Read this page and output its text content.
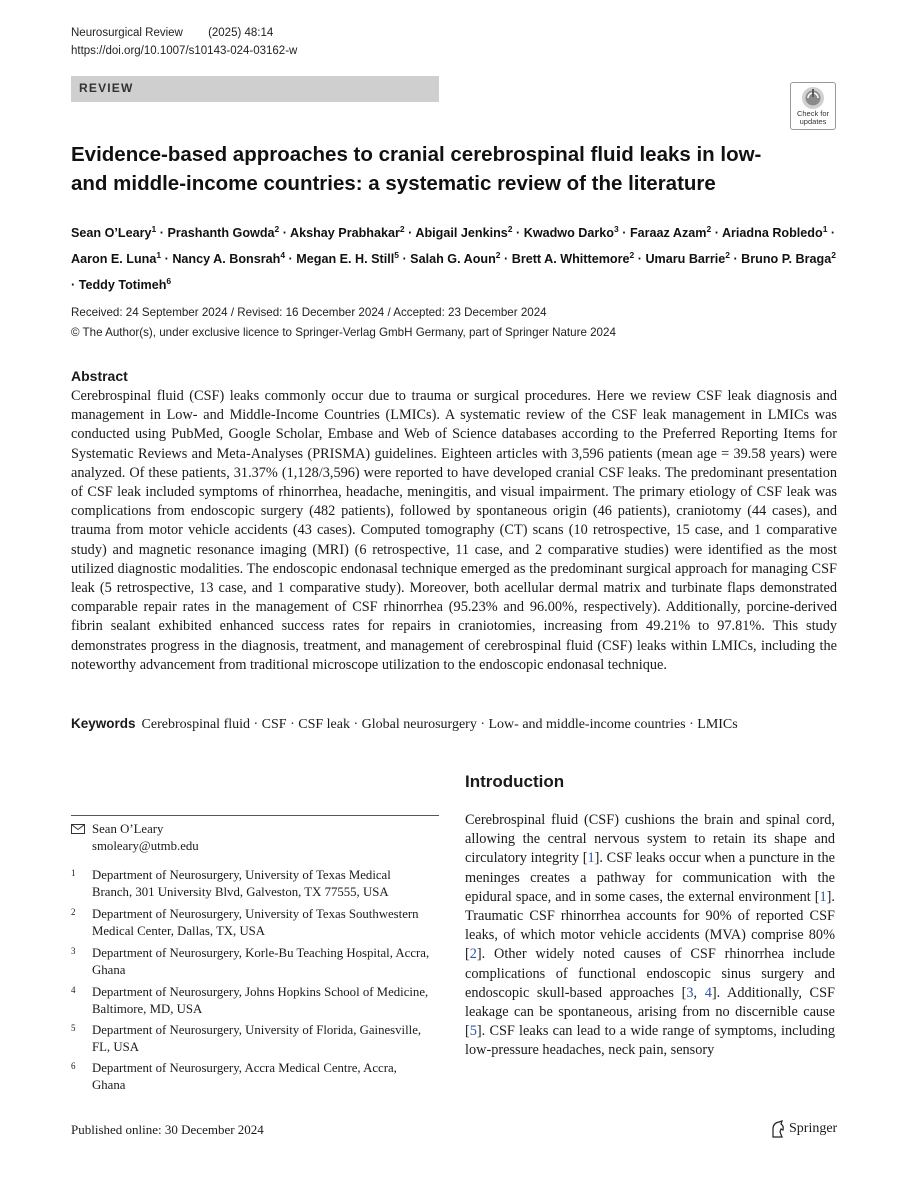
Neurosurgical Review (2025) 48:14
https://doi.org/10.1007/s10143-024-03162-w
REVIEW
Check for
updates
Evidence-based approaches to cranial cerebrospinal fluid leaks in low- and middle-income countries: a systematic review of the literature

Sean O’Leary$^1$ · Prashanth Gowda$^2$ · Akshay Prabhakar$^2$ · Abigail Jenkins$^2$ · Kwadwo Darko$^3$ · Faraaz Azam$^2$ · Ariadna Robledo$^1$ · Aaron E. Luna$^1$ · Nancy A. Bonsrah$^4$ · Megan E. H. Still$^5$ · Salah G. Aoun$^2$ · Brett A. Whittemore$^2$ · Umaru Barrie$^2$ · Bruno P. Braga$^2$ · Teddy Totimeh$^6$

Received: 24 September 2024 / Revised: 16 December 2024 / Accepted: 23 December 2024
© The Author(s), under exclusive licence to Springer-Verlag GmbH Germany, part of Springer Nature 2024
Abstract

Cerebrospinal fluid (CSF) leaks commonly occur due to trauma or surgical procedures. Here we review CSF leak diagnosis and management in Low- and Middle-Income Countries (LMICs). A systematic review of the CSF leak management in LMICs was conducted using PubMed, Google Scholar, Embase and Web of Science databases according to the Preferred Reporting Items for Systematic Reviews and Meta-Analyses (PRISMA) guidelines. Eighteen articles with 3,596 patients (mean age = 39.58 years) were analyzed. Of these patients, 31.37% (1,128/3,596) were reported to have developed cranial CSF leaks. The predominant presentation of CSF leak included symptoms of rhinorrhea, headache, meningitis, and visual impairment. The primary etiology of CSF leak was complications from endoscopic surgery (482 patients), followed by spontaneous origin (46 patients), craniotomy (44 cases), and trauma from motor vehicle accidents (43 cases). Computed tomography (CT) scans (10 retrospective, 15 case, and 1 comparative study) and magnetic resonance imaging (MRI) (6 retrospective, 11 case, and 2 comparative studies) were identified as the most utilized diagnostic modalities. The endoscopic endonasal technique emerged as the predominant surgical approach for managing CSF leak (5 retrospective, 13 case, and 1 comparative study). Moreover, both acellular dermal matrix and turbinate flaps demonstrated comparable repair rates in the management of CSF rhinorrhea (95.23% and 96.00%, respectively). Additionally, porcine-derived fibrin sealant exhibited enhanced success rates for repairs in craniotomies, increasing from 49.21% to 97.81%. This study demonstrates progress in the diagnosis, treatment, and management of cerebrospinal fluid (CSF) leaks within LMICs, including the noteworthy advancement from traditional microscope utilization to the endoscopic endonasal technique.

Keywords Cerebrospinal fluid · CSF · CSF leak · Global neurosurgery · Low- and middle-income countries · LMICs
Sean O’Leary
smoleary@utmb.edu
1 Department of Neurosurgery, University of Texas Medical Branch, 301 University Blvd, Galveston, TX 77555, USA
2 Department of Neurosurgery, University of Texas Southwestern Medical Center, Dallas, TX, USA
3 Department of Neurosurgery, Korle-Bu Teaching Hospital, Accra, Ghana
4 Department of Neurosurgery, Johns Hopkins School of Medicine, Baltimore, MD, USA
5 Department of Neurosurgery, University of Florida, Gainesville, FL, USA
6 Department of Neurosurgery, Accra Medical Centre, Accra, Ghana
Introduction

Cerebrospinal fluid (CSF) cushions the brain and spinal cord, allowing the central nervous system to retain its shape and circulatory integrity [1]. CSF leaks occur when a puncture in the meninges creates a pathway for communication with the epidural space, and in some cases, the external environment [1]. Traumatic CSF rhinorrhea accounts for 90% of reported CSF leaks, of which motor vehicle accidents (MVA) comprise 80% [2]. Other widely noted causes of CSF rhinorrhea include complications of functional endoscopic sinus surgery and endoscopic skull-based approaches [3, 4]. Additionally, CSF leakage can be spontaneous, arising from no discernible cause [5]. CSF leaks can lead to a wide range of symptoms, including low-pressure headaches, neck pain, sensory

Published online: 30 December 2024	Springer
